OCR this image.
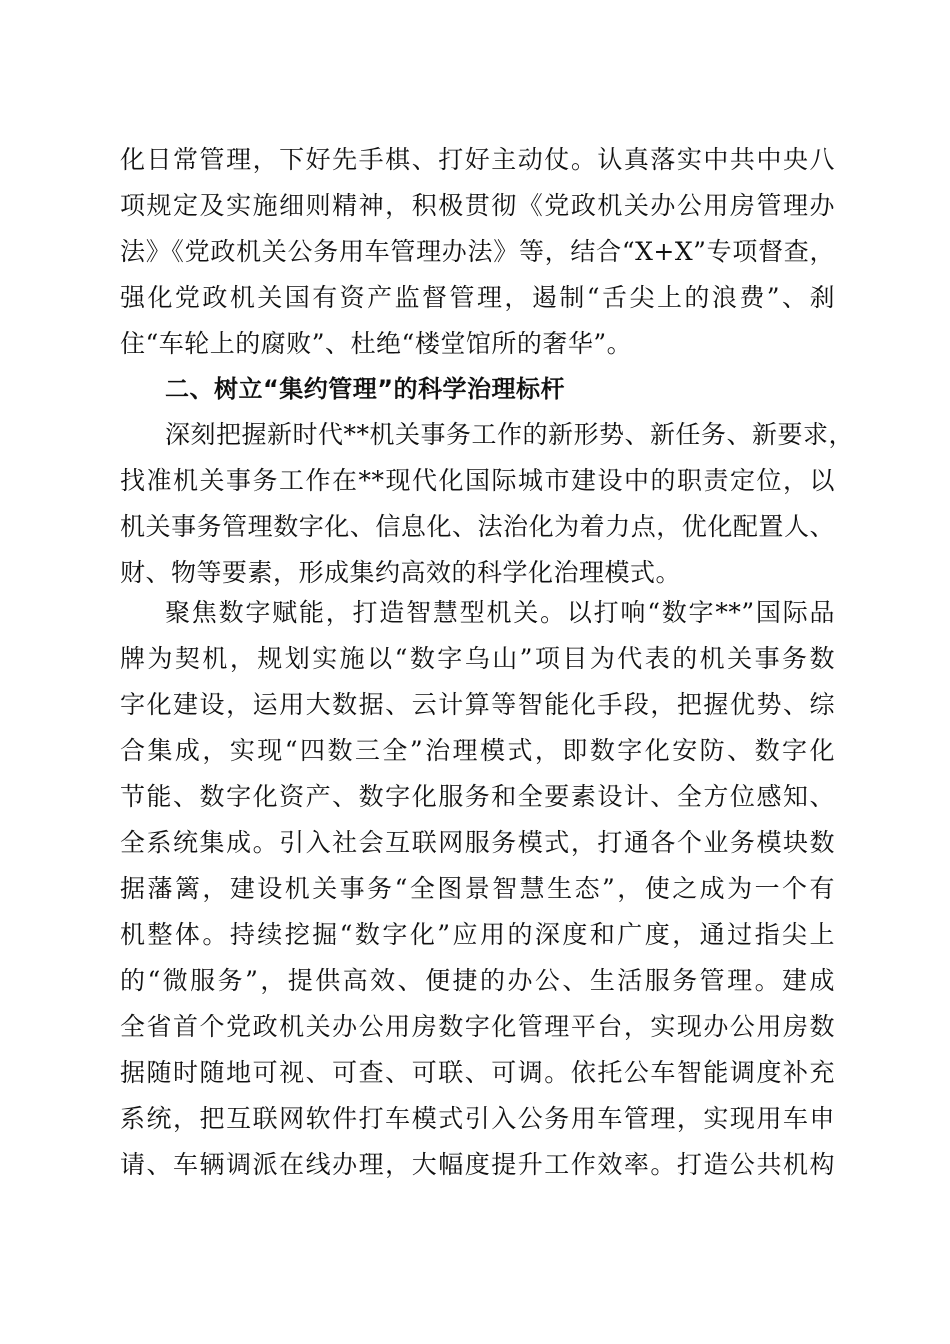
化日常管理，下好先手棋、打好主动仗。认真落实中共中央八
项规定及实施细则精神，积极贯彻《党政机关办公用房管理办
法》《党政机关公务用车管理办法》等，结合“X+X”专项督查，
强化党政机关国有资产监督管理，遏制“舌尖上的浪费”、刹
住“车轮上的腐败”、杜绝“楼堂馆所的奢华”。
二、树立“集约管理”的科学治理标杆
深刻把握新时代**机关事务工作的新形势、新任务、新要求，
找准机关事务工作在**现代化国际城市建设中的职责定位，以
机关事务管理数字化、信息化、法治化为着力点，优化配置人、
财、物等要素，形成集约高效的科学化治理模式。
聚焦数字赋能，打造智慧型机关。以打响“数字**”国际品
牌为契机，规划实施以“数字乌山”项目为代表的机关事务数
字化建设，运用大数据、云计算等智能化手段，把握优势、综
合集成，实现“四数三全”治理模式，即数字化安防、数字化
节能、数字化资产、数字化服务和全要素设计、全方位感知、
全系统集成。引入社会互联网服务模式，打通各个业务模块数
据藩篱，建设机关事务“全图景智慧生态”，使之成为一个有
机整体。持续挖掘“数字化”应用的深度和广度，通过指尖上
的“微服务”，提供高效、便捷的办公、生活服务管理。建成
全省首个党政机关办公用房数字化管理平台，实现办公用房数
据随时随地可视、可查、可联、可调。依托公车智能调度补充
系统，把互联网软件打车模式引入公务用车管理，实现用车申
请、车辆调派在线办理，大幅度提升工作效率。打造公共机构
